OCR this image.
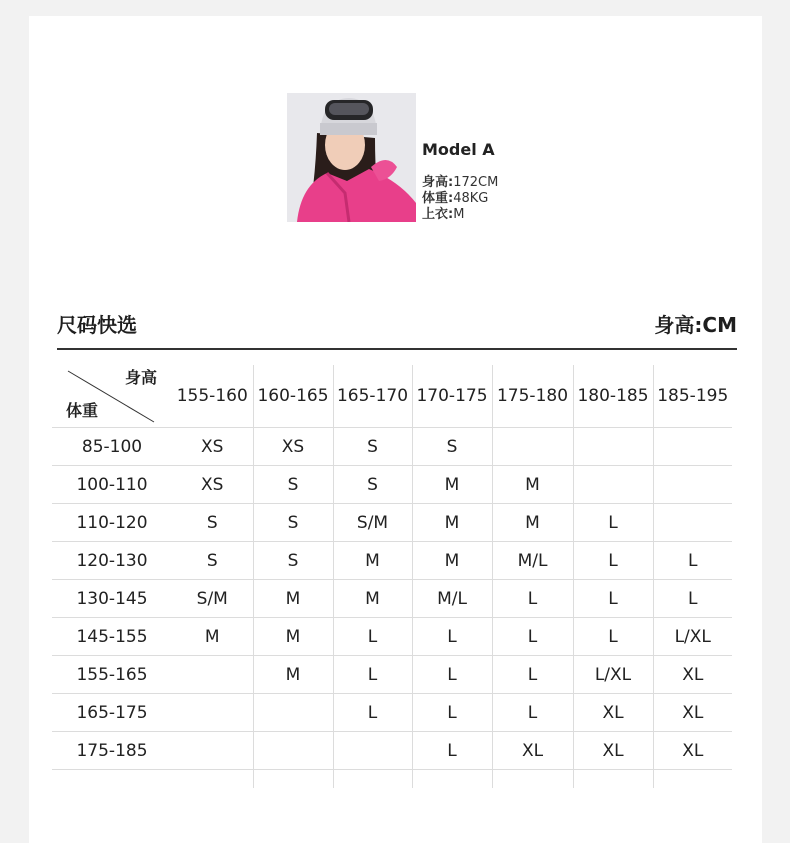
Model A
身高:172CM
体重:48KG
上衣:M
尺码快选	身高:CM
身高
体重	155-160	160-165	165-170	170-175	175-180	180-185	185-195
85-100	XS	XS	S	S			
100-110	XS	S	S	M	M		
110-120	S	S	S/M	M	M	L	
120-130	S	S	M	M	M/L	L	L
130-145	S/M	M	M	M/L	L	L	L
145-155	M	M	L	L	L	L	L/XL
155-165		M	L	L	L	L/XL	XL
165-175			L	L	L	XL	XL
175-185				L	XL	XL	XL
